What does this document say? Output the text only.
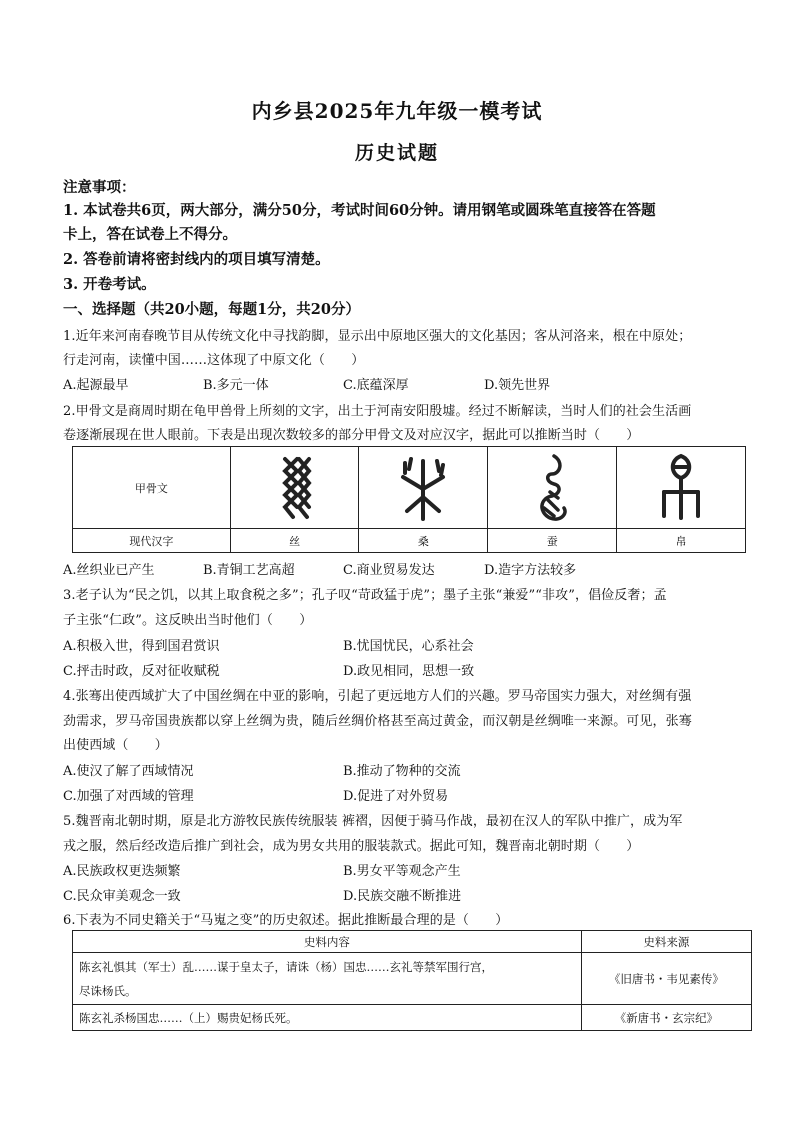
内乡县2025年九年级一模考试
历史试题
注意事项：
1. 本试卷共6页，两大部分，满分50分，考试时间60分钟。请用钢笔或圆珠笔直接答在答题
卡上，答在试卷上不得分。
2. 答卷前请将密封线内的项目填写清楚。
3. 开卷考试。
一、选择题（共20小题，每题1分，共20分）
1.近年来河南春晚节目从传统文化中寻找韵脚，显示出中原地区强大的文化基因；客从河洛来，根在中原处；
行走河南，读懂中国……这体现了中原文化（　　）
A.起源最早	B.多元一体	C.底蕴深厚	D.领先世界
2.甲骨文是商周时期在龟甲兽骨上所刻的文字，出土于河南安阳殷墟。经过不断解读，当时人们的社会生活画
卷逐渐展现在世人眼前。下表是出现次数较多的部分甲骨文及对应汉字，据此可以推断当时（　　）
甲骨文	

现代汉字	丝	桑	蚕	帛
A.丝织业已产生	B.青铜工艺高超	C.商业贸易发达	D.造字方法较多
3.老子认为“民之饥，以其上取食税之多”；孔子叹“苛政猛于虎”；墨子主张“兼爱”“非攻”，倡俭反奢；孟
子主张“仁政”。这反映出当时他们（　　）
A.积极入世，得到国君赏识	B.忧国忧民，心系社会
C.抨击时政，反对征收赋税	D.政见相同，思想一致
4.张骞出使西域扩大了中国丝绸在中亚的影响，引起了更远地方人们的兴趣。罗马帝国实力强大，对丝绸有强
劲需求，罗马帝国贵族都以穿上丝绸为贵，随后丝绸价格甚至高过黄金，而汉朝是丝绸唯一来源。可见，张骞
出使西域（　　）
A.使汉了解了西域情况	B.推动了物种的交流
C.加强了对西域的管理	D.促进了对外贸易
5.魏晋南北朝时期，原是北方游牧民族传统服装 裤褶，因便于骑马作战，最初在汉人的军队中推广，成为军
戎之服，然后经改造后推广到社会，成为男女共用的服装款式。据此可知，魏晋南北朝时期（　　）
A.民族政权更迭频繁	B.男女平等观念产生
C.民众审美观念一致	D.民族交融不断推进
6.下表为不同史籍关于“马嵬之变”的历史叙述。据此推断最合理的是（　　）
史料内容	史料来源

陈玄礼惧其（军士）乱……谋于皇太子，请诛（杨）国忠……玄礼等禁军围行宫，
尽诛杨氏。	《旧唐书・韦见素传》
陈玄礼杀杨国忠……（上）赐贵妃杨氏死。	《新唐书・玄宗纪》
